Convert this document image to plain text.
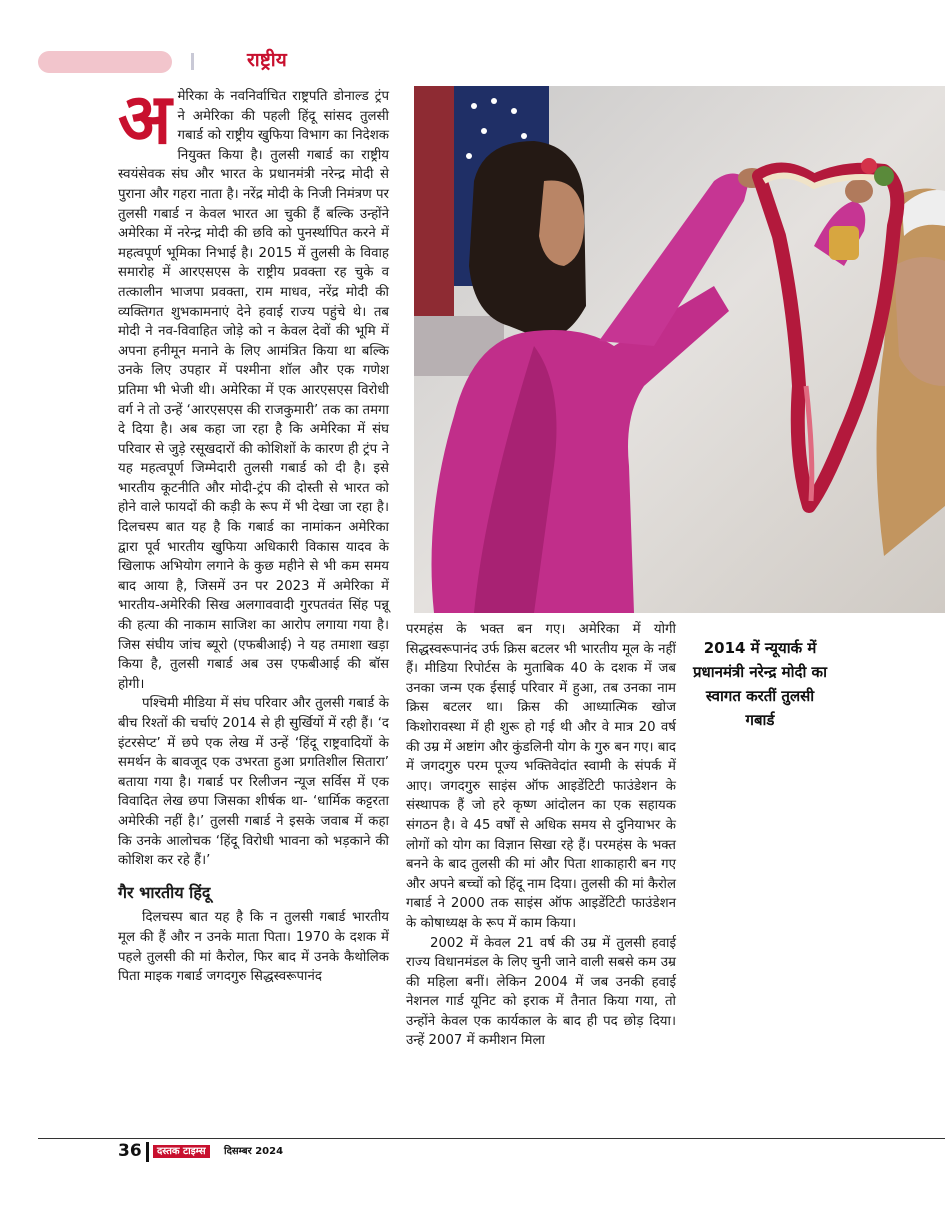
राष्ट्रीय

अमेरिका के नवनिर्वाचित राष्ट्रपति डोनाल्ड ट्रंप ने अमेरिका की पहली हिंदू सांसद तुलसी गबार्ड को राष्ट्रीय खुफिया विभाग का निदेशक नियुक्त किया है। तुलसी गबार्ड का राष्ट्रीय स्वयंसेवक संघ और भारत के प्रधानमंत्री नरेन्द्र मोदी से पुराना और गहरा नाता है। नरेंद्र मोदी के निजी निमंत्रण पर तुलसी गबार्ड न केवल भारत आ चुकी हैं बल्कि उन्होंने अमेरिका में नरेन्द्र मोदी की छवि को पुनर्स्थापित करने में महत्वपूर्ण भूमिका निभाई है। 2015 में तुलसी के विवाह समारोह में आरएसएस के राष्ट्रीय प्रवक्ता रह चुके व तत्कालीन भाजपा प्रवक्ता, राम माधव, नरेंद्र मोदी की व्यक्तिगत शुभकामनाएं देने हवाई राज्य पहुंचे थे। तब मोदी ने नव-विवाहित जोड़े को न केवल देवों की भूमि में अपना हनीमून मनाने के लिए आमंत्रित किया था बल्कि उनके लिए उपहार में पश्मीना शॉल और एक गणेश प्रतिमा भी भेजी थी। अमेरिका में एक आरएसएस विरोधी वर्ग ने तो उन्हें ‘आरएसएस की राजकुमारी’ तक का तमगा दे दिया है। अब कहा जा रहा है कि अमेरिका में संघ परिवार से जुड़े रसूखदारों की कोशिशों के कारण ही ट्रंप ने यह महत्वपूर्ण जिम्मेदारी तुलसी गबार्ड को दी है। इसे भारतीय कूटनीति और मोदी-ट्रंप की दोस्ती से भारत को होने वाले फायदों की कड़ी के रूप में भी देखा जा रहा है। दिलचस्प बात यह है कि गबार्ड का नामांकन अमेरिका द्वारा पूर्व भारतीय खुफिया अधिकारी विकास यादव के खिलाफ अभियोग लगाने के कुछ महीने से भी कम समय बाद आया है, जिसमें उन पर 2023 में अमेरिका में भारतीय-अमेरिकी सिख अलगाववादी गुरपतवंत सिंह पन्नू की हत्या की नाकाम साजिश का आरोप लगाया गया है। जिस संघीय जांच ब्यूरो (एफबीआई) ने यह तमाशा खड़ा किया है, तुलसी गबार्ड अब उस एफबीआई की बॉस होगी।

पश्चिमी मीडिया में संघ परिवार और तुलसी गबार्ड के बीच रिश्तों की चर्चाएं 2014 से ही सुर्खियों में रही हैं। ‘द इंटरसेप्ट’ में छपे एक लेख में उन्हें ‘हिंदू राष्ट्रवादियों के समर्थन के बावजूद एक उभरता हुआ प्रगतिशील सितारा’ बताया गया है। गबार्ड पर रिलीजन न्यूज सर्विस में एक विवादित लेख छपा जिसका शीर्षक था- ‘धार्मिक कट्टरता अमेरिकी नहीं है।’ तुलसी गबार्ड ने इसके जवाब में कहा कि उनके आलोचक ‘हिंदू विरोधी भावना को भड़काने की कोशिश कर रहे हैं।’

गैर भारतीय हिंदू

दिलचस्प बात यह है कि न तुलसी गबार्ड भारतीय मूल की हैं और न उनके माता पिता। 1970 के दशक में पहले तुलसी की मां कैरोल, फिर बाद में उनके कैथोलिक पिता माइक गबार्ड जगदगुरु सिद्धस्वरूपानंद

परमहंस के भक्त बन गए। अमेरिका में योगी सिद्धस्वरूपानंद उर्फ क्रिस बटलर भी भारतीय मूल के नहीं हैं। मीडिया रिपोर्टस के मुताबिक 40 के दशक में जब उनका जन्म एक ईसाई परिवार में हुआ, तब उनका नाम क्रिस बटलर था। क्रिस की आध्यात्मिक खोज किशोरावस्था में ही शुरू हो गई थी और वे मात्र 20 वर्ष की उम्र में अष्टांग और कुंडलिनी योग के गुरु बन गए। बाद में जगदगुरु परम पूज्य भक्तिवेदांत स्वामी के संपर्क में आए। जगदगुरु साइंस ऑफ आइडेंटिटी फाउंडेशन के संस्थापक हैं जो हरे कृष्ण आंदोलन का एक सहायक संगठन है। वे 45 वर्षों से अधिक समय से दुनियाभर के लोगों को योग का विज्ञान सिखा रहे हैं। परमहंस के भक्त बनने के बाद तुलसी की मां और पिता शाकाहारी बन गए और अपने बच्चों को हिंदू नाम दिया। तुलसी की मां कैरोल गबार्ड ने 2000 तक साइंस ऑफ आइडेंटिटी फाउंडेशन के कोषाध्यक्ष के रूप में काम किया।

2002 में केवल 21 वर्ष की उम्र में तुलसी हवाई राज्य विधानमंडल के लिए चुनी जाने वाली सबसे कम उम्र की महिला बनीं। लेकिन 2004 में जब उनकी हवाई नेशनल गार्ड यूनिट को इराक में तैनात किया गया, तो उन्होंने केवल एक कार्यकाल के बाद ही पद छोड़ दिया। उन्हें 2007 में कमीशन मिला

2014 में न्यूयार्क में प्रधानमंत्री नरेन्द्र मोदी का स्वागत करतीं तुलसी गबार्ड
36	दस्तक टाइम्स	दिसम्बर 2024
